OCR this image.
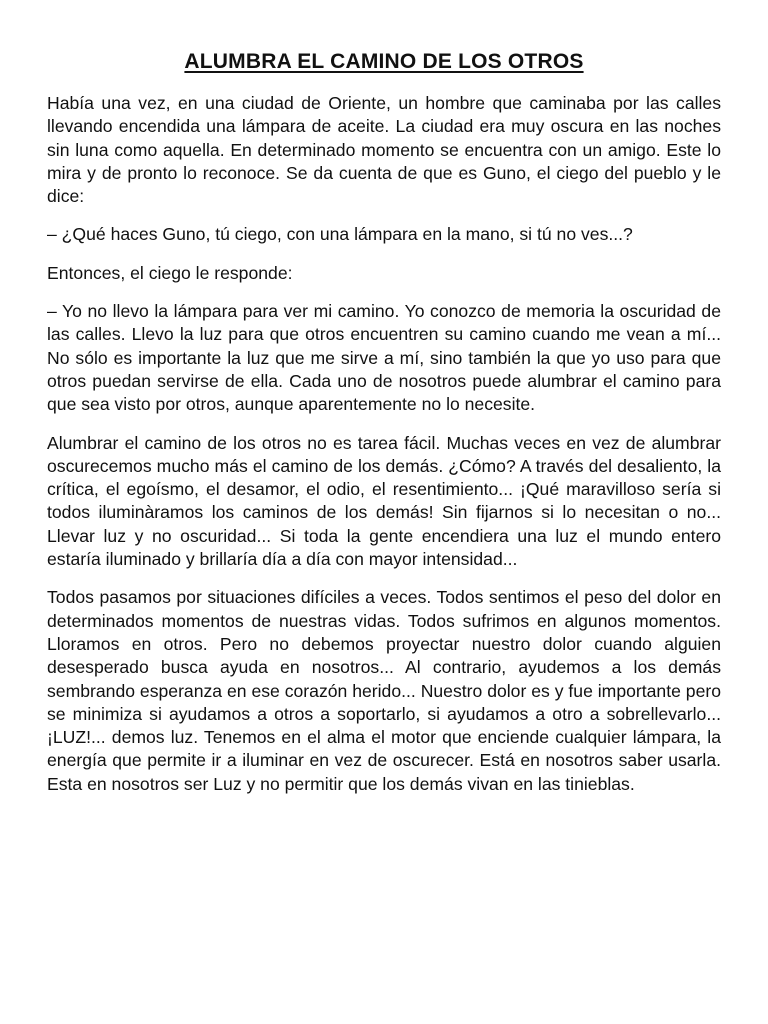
ALUMBRA EL CAMINO DE LOS OTROS

Había una vez, en una ciudad de Oriente, un hombre que caminaba por las calles llevando encendida una lámpara de aceite. La ciudad era muy oscura en las noches sin luna como aquella. En determinado momento se encuentra con un amigo. Este lo mira y de pronto lo reconoce. Se da cuenta de que es Guno, el ciego del pueblo y le dice:

– ¿Qué haces Guno, tú ciego, con una lámpara en la mano, si tú no ves...?

Entonces, el ciego le responde:

– Yo no llevo la lámpara para ver mi camino. Yo conozco de memoria la oscuridad de las calles. Llevo la luz para que otros encuentren su camino cuando me vean a mí... No sólo es importante la luz que me sirve a mí, sino también la que yo uso para que otros puedan servirse de ella. Cada uno de nosotros puede alumbrar el camino para que sea visto por otros, aunque aparentemente no lo necesite.

Alumbrar el camino de los otros no es tarea fácil. Muchas veces en vez de alumbrar oscurecemos mucho más el camino de los demás. ¿Cómo? A través del desaliento, la crítica, el egoísmo, el desamor, el odio, el resentimiento... ¡Qué maravilloso sería si todos iluminàramos los caminos de los demás! Sin fijarnos si lo necesitan o no... Llevar luz y no oscuridad... Si toda la gente encendiera una luz el mundo entero estaría iluminado y brillaría día a día con mayor intensidad...

Todos pasamos por situaciones difíciles a veces. Todos sentimos el peso del dolor en determinados momentos de nuestras vidas. Todos sufrimos en algunos momentos. Lloramos en otros. Pero no debemos proyectar nuestro dolor cuando alguien desesperado busca ayuda en nosotros... Al contrario, ayudemos a los demás sembrando esperanza en ese corazón herido... Nuestro dolor es y fue importante pero se minimiza si ayudamos a otros a soportarlo, si ayudamos a otro a sobrellevarlo... ¡LUZ!... demos luz. Tenemos en el alma el motor que enciende cualquier lámpara, la energía que permite ir a iluminar en vez de oscurecer. Está en nosotros saber usarla. Esta en nosotros ser Luz y no permitir que los demás vivan en las tinieblas.
